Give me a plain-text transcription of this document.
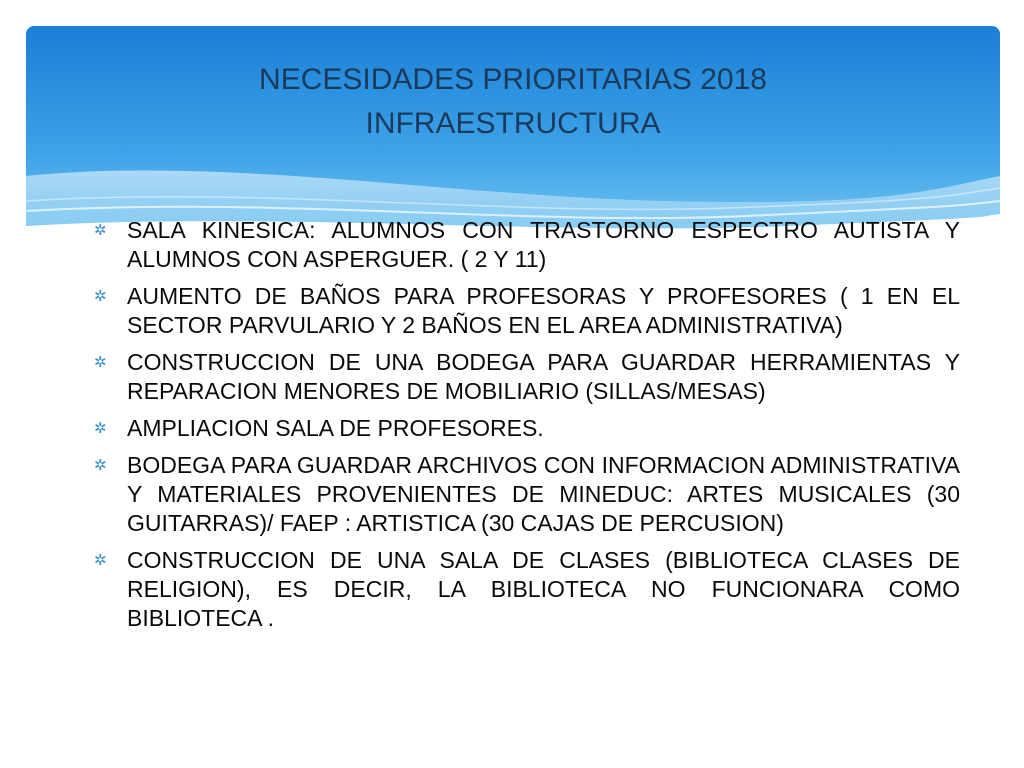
NECESIDADES PRIORITARIAS 2018
INFRAESTRUCTURA
✲ SALA KINESICA: ALUMNOS CON TRASTORNO ESPECTRO AUTISTA Y ALUMNOS CON ASPERGUER. ( 2 Y 11)
✲ AUMENTO DE BAÑOS PARA PROFESORAS Y PROFESORES ( 1 EN EL SECTOR PARVULARIO Y 2 BAÑOS EN EL AREA ADMINISTRATIVA)
✲ CONSTRUCCION DE UNA BODEGA PARA GUARDAR HERRAMIENTAS Y REPARACION MENORES DE MOBILIARIO (SILLAS/MESAS)
✲ AMPLIACION SALA DE PROFESORES.
✲ BODEGA PARA GUARDAR ARCHIVOS CON INFORMACION ADMINISTRATIVA Y MATERIALES PROVENIENTES DE MINEDUC: ARTES MUSICALES (30 GUITARRAS)/ FAEP : ARTISTICA (30 CAJAS DE PERCUSION)
✲ CONSTRUCCION DE UNA SALA DE CLASES (BIBLIOTECA CLASES DE RELIGION), ES DECIR, LA BIBLIOTECA NO FUNCIONARA COMO BIBLIOTECA .
